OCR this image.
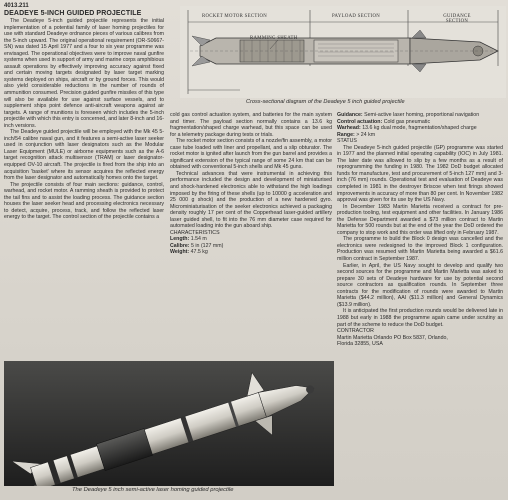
4013.211
DEADEYE 5-INCH GUIDED PROJECTILE

The Deadeye 5-inch guided projectile represents the initial implementation of a potential family of laser homing projectiles for use with standard Deadeye ordnance pieces of various calibres from the 5-inch upward. The original operational requirement (OR-S0667-SN) was dated 15 April 1977 and a four to six year programme was envisaged. The operational objectives were to improve naval gunfire systems when used in support of army and marine corps amphibious assault operations by effectively improving accuracy against fixed and certain moving targets designated by laser target marking systems deployed on ships, aircraft or by ground forces. This would also yield considerable reductions in the number of rounds of ammunition consumed. Precision guided gunfire missiles of this type will also be available for use against surface vessels, and to supplement ships point defence anti-aircraft weapons against air targets. A range of munitions is foreseen which includes the 5-inch projectile with which this entry is concerned, and later 8-inch and 16-inch versions.

The Deadeye guided projectile will be employed with the Mk 45 5-inch/54 calibre naval gun, and it features a semi-active laser seeker used in conjunction with laser designators such as the Modular Laser Equipment (MULE) or airborne equipments such as the A-6 target recognition attack multisensor (TRAM) or laser designator-equipped OV-10 aircraft. The projectile is fired from the ship into an acquisition 'basket' where its sensor acquires the reflected energy from the laser designator and automatically homes onto the target.

The projectile consists of four main sections: guidance, control, warhead, and rocket motor. A ramming sheath is provided to protect the tail fins and to assist the loading process. The guidance section houses the laser seeker head and processing electronics necessary to detect, acquire, process, track, and follow the reflected laser energy to the target. The control section of the projectile contains a

ROCKET MOTOR SECTION	PAYLOAD SECTION	GUIDANCE SECTION
RAMMING SHEATH
Cross-sectional diagram of the Deadeye 5 inch guided projectile

cold gas control actuation system, and batteries for the main system and timer. The payload section normally contains a 13.6 kg fragmentation/shaped charge warhead, but this space can be used for a telemetry package during tests or trials.

The rocket motor section consists of a nozzle/fin assembly, a motor case tube loaded with liner and propellant, and a slip obturator. The rocket motor is ignited after launch from the gun barrel and provides a significant extension of the typical range of some 24 km that can be obtained with conventional 5-inch shells and Mk 45 guns.

Technical advances that were instrumental in achieving this performance included the design and development of miniaturised and shock-hardened electronics able to withstand the high loadings imposed by the firing of these shells (up to 10000 g acceleration and 25 000 g shock) and the production of a new hardened gyro. Microminiaturisation of the seeker electronics achieved a packaging density roughly 17 per cent of the Copperhead laser-guided artillery laser guided shell, to fit into the 76 mm diameter case required for automated loading into the gun aboard ship.

CHARACTERISTICS

Length: 1.54 m

Calibre: 5 in (127 mm)

Weight: 47.5 kg

Guidance: Semi-active laser homing, proportional navigation

Control actuation: Cold gas pneumatic

Warhead: 13.6 kg dual mode, fragmentation/shaped charge

Range: > 24 km

STATUS

The Deadeye 5-inch guided projectile (GP) programme was started in 1977 and the planned initial operating capability (IOC) in July 1981. The later date was allowed to slip by a few months as a result of reprogramming the funding in 1980. The 1982 DoD budget allocated funds for manufacture, test and procurement of 5-inch 127 mm) and 3-inch (76 mm) rounds. Operational test and evaluation of Deadeye was completed in 1981 in the destroyer Briscoe when test firings showed improvements in accuracy of more than 80 per cent. In November 1982 approval was given for its use by the US Navy.

In December 1983 Martin Marietta received a contract for pre-production tooling, test equipment and other facilities. In January 1986 the Defense Department awarded a $73 million contract to Martin Marietta for 500 rounds but at the end of the year the DoD ordered the company to stop work and this order was lifted only in February 1987.

The programme to build the Block 0 design was cancelled and the electronics were redesigned to the improved Block 1 configuration. Production was resumed with Martin Marietta being awarded a $61.6 million contract in September 1987.

Earlier, in April, the US Navy sought to develop and qualify two second sources for the programme and Martin Marietta was asked to prepare 30 sets of Deadeye hardware for use by potential second source contractors as qualification rounds. In September three contracts for the modification of rounds were awarded to Martin Marietta ($44.2 million), AAI ($11.3 million) and General Dynamics ($13.9 million).

It is anticipated the first production rounds would be delivered late in 1988 but early in 1988 the programme again came under scrutiny as part of the scheme to reduce the DoD budget.

CONTRACTOR

Martin Marietta Orlando PO Box 5837, Orlando,

Florida 32855, USA

The Deadeye 5 inch semi-active laser homing guided projectile
